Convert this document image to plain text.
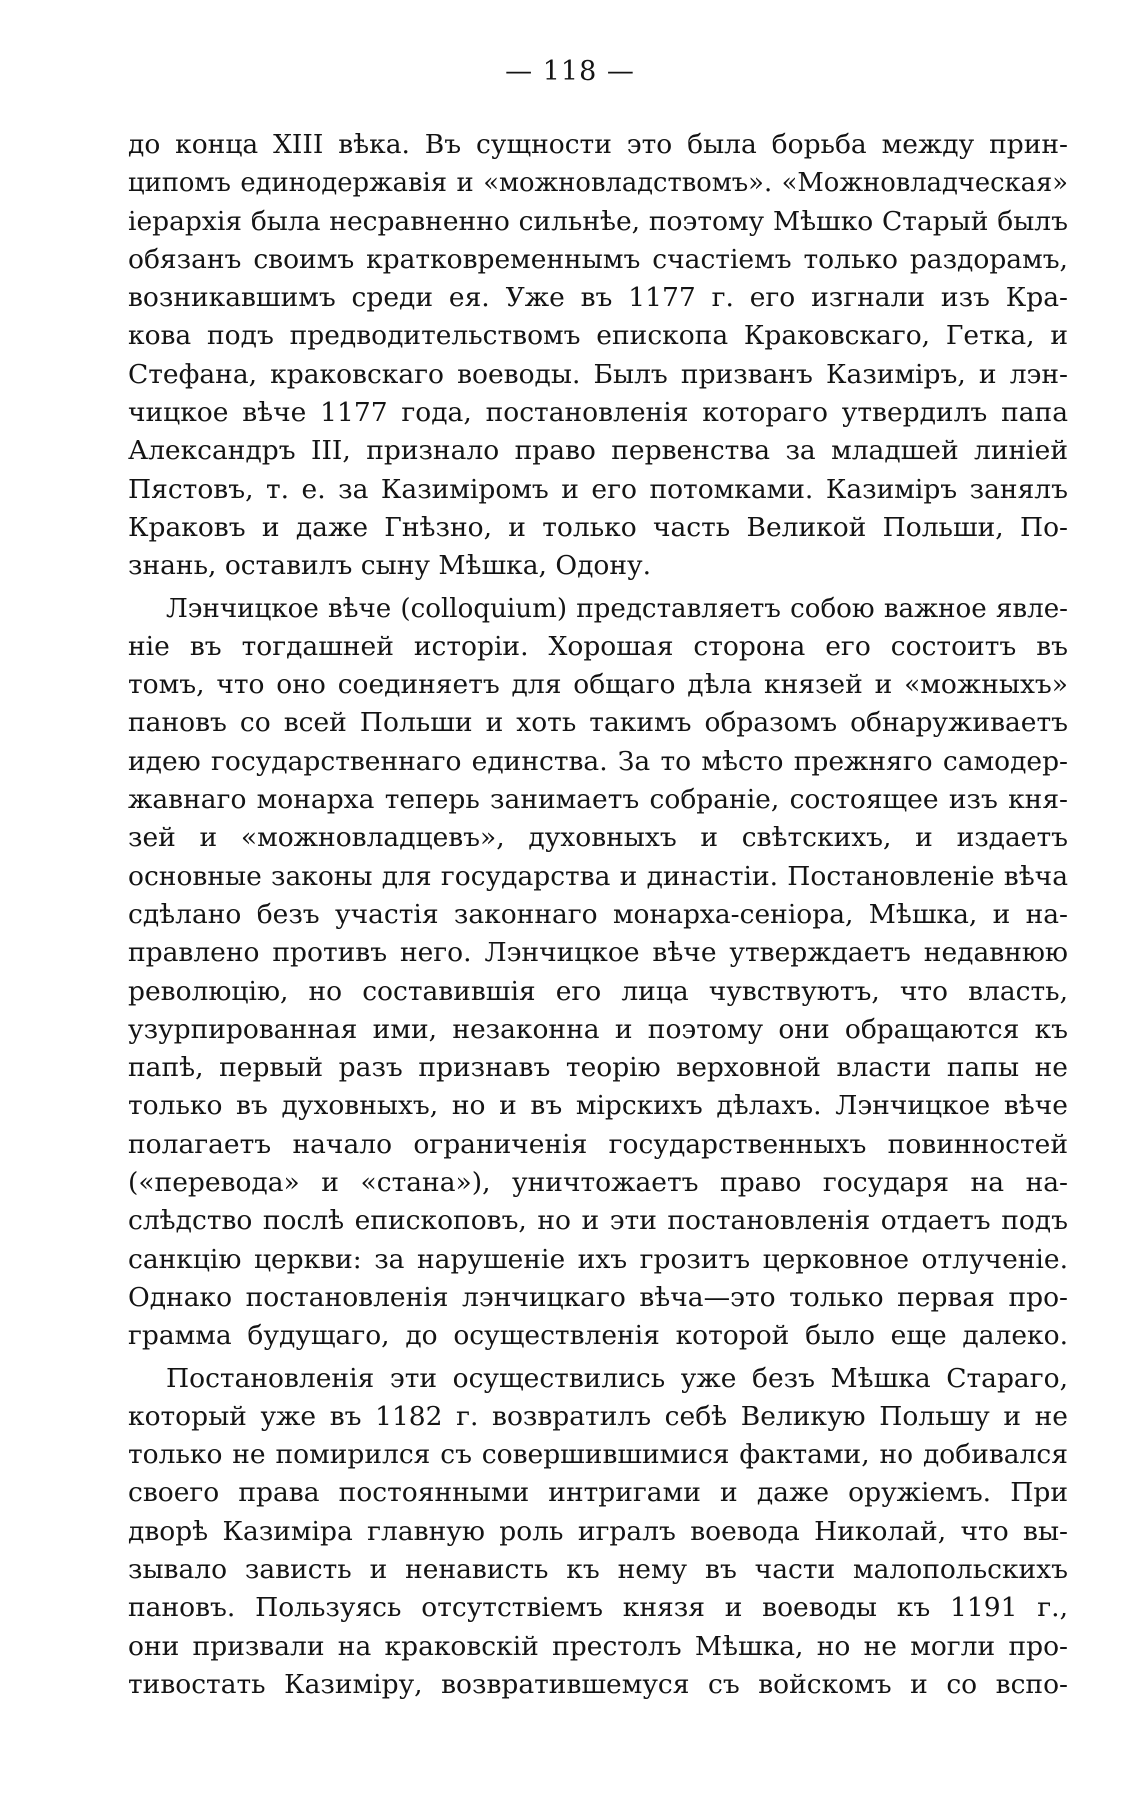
— 118 —
до конца XIII вѣка. Въ сущности это была борьба между прин-
ципомъ единодержавія и «можновладствомъ». «Можновладческая»
іерархія была несравненно сильнѣе, поэтому Мѣшко Старый былъ
обязанъ своимъ кратковременнымъ счастіемъ только раздорамъ,
возникавшимъ среди ея. Уже въ 1177 г. его изгнали изъ Кра-
кова подъ предводительствомъ епископа Краковскаго, Гетка, и
Стефана, краковскаго воеводы. Былъ призванъ Казиміръ, и лэн-
чицкое вѣче 1177 года, постановленія котораго утвердилъ папа
Александръ III, признало право первенства за младшей линіей
Пястовъ, т. е. за Казиміромъ и его потомками. Казиміръ занялъ
Краковъ и даже Гнѣзно, и только часть Великой Польши, По-
знань, оставилъ сыну Мѣшка, Одону.
Лэнчицкое вѣче (colloquium) представляетъ собою важное явле-
ніе въ тогдашней исторіи. Хорошая сторона его состоитъ въ
томъ, что оно соединяетъ для общаго дѣла князей и «можныхъ»
пановъ со всей Польши и хоть такимъ образомъ обнаруживаетъ
идею государственнаго единства. За то мѣсто прежняго самодер-
жавнаго монарха теперь занимаетъ собраніе, состоящее изъ кня-
зей и «можновладцевъ», духовныхъ и свѣтскихъ, и издаетъ
основные законы для государства и династіи. Постановленіе вѣча
сдѣлано безъ участія законнаго монарха-сеніора, Мѣшка, и на-
правлено противъ него. Лэнчицкое вѣче утверждаетъ недавнюю
революцію, но составившія его лица чувствуютъ, что власть,
узурпированная ими, незаконна и поэтому они обращаются къ
папѣ, первый разъ признавъ теорію верховной власти папы не
только въ духовныхъ, но и въ мірскихъ дѣлахъ. Лэнчицкое вѣче
полагаетъ начало ограниченія государственныхъ повинностей
(«перевода» и «стана»), уничтожаетъ право государя на на-
слѣдство послѣ епископовъ, но и эти постановленія отдаетъ подъ
санкцію церкви: за нарушеніе ихъ грозитъ церковное отлученіе.
Однако постановленія лэнчицкаго вѣча—это только первая про-
грамма будущаго, до осуществленія которой было еще далеко.
Постановленія эти осуществились уже безъ Мѣшка Стараго,
который уже въ 1182 г. возвратилъ себѣ Великую Польшу и не
только не помирился съ совершившимися фактами, но добивался
своего права постоянными интригами и даже оружіемъ. При
дворѣ Казиміра главную роль игралъ воевода Николай, что вы-
зывало зависть и ненависть къ нему въ части малопольскихъ
пановъ. Пользуясь отсутствіемъ князя и воеводы къ 1191 г.,
они призвали на краковскій престолъ Мѣшка, но не могли про-
тивостать Казиміру, возвратившемуся съ войскомъ и со вспо-
